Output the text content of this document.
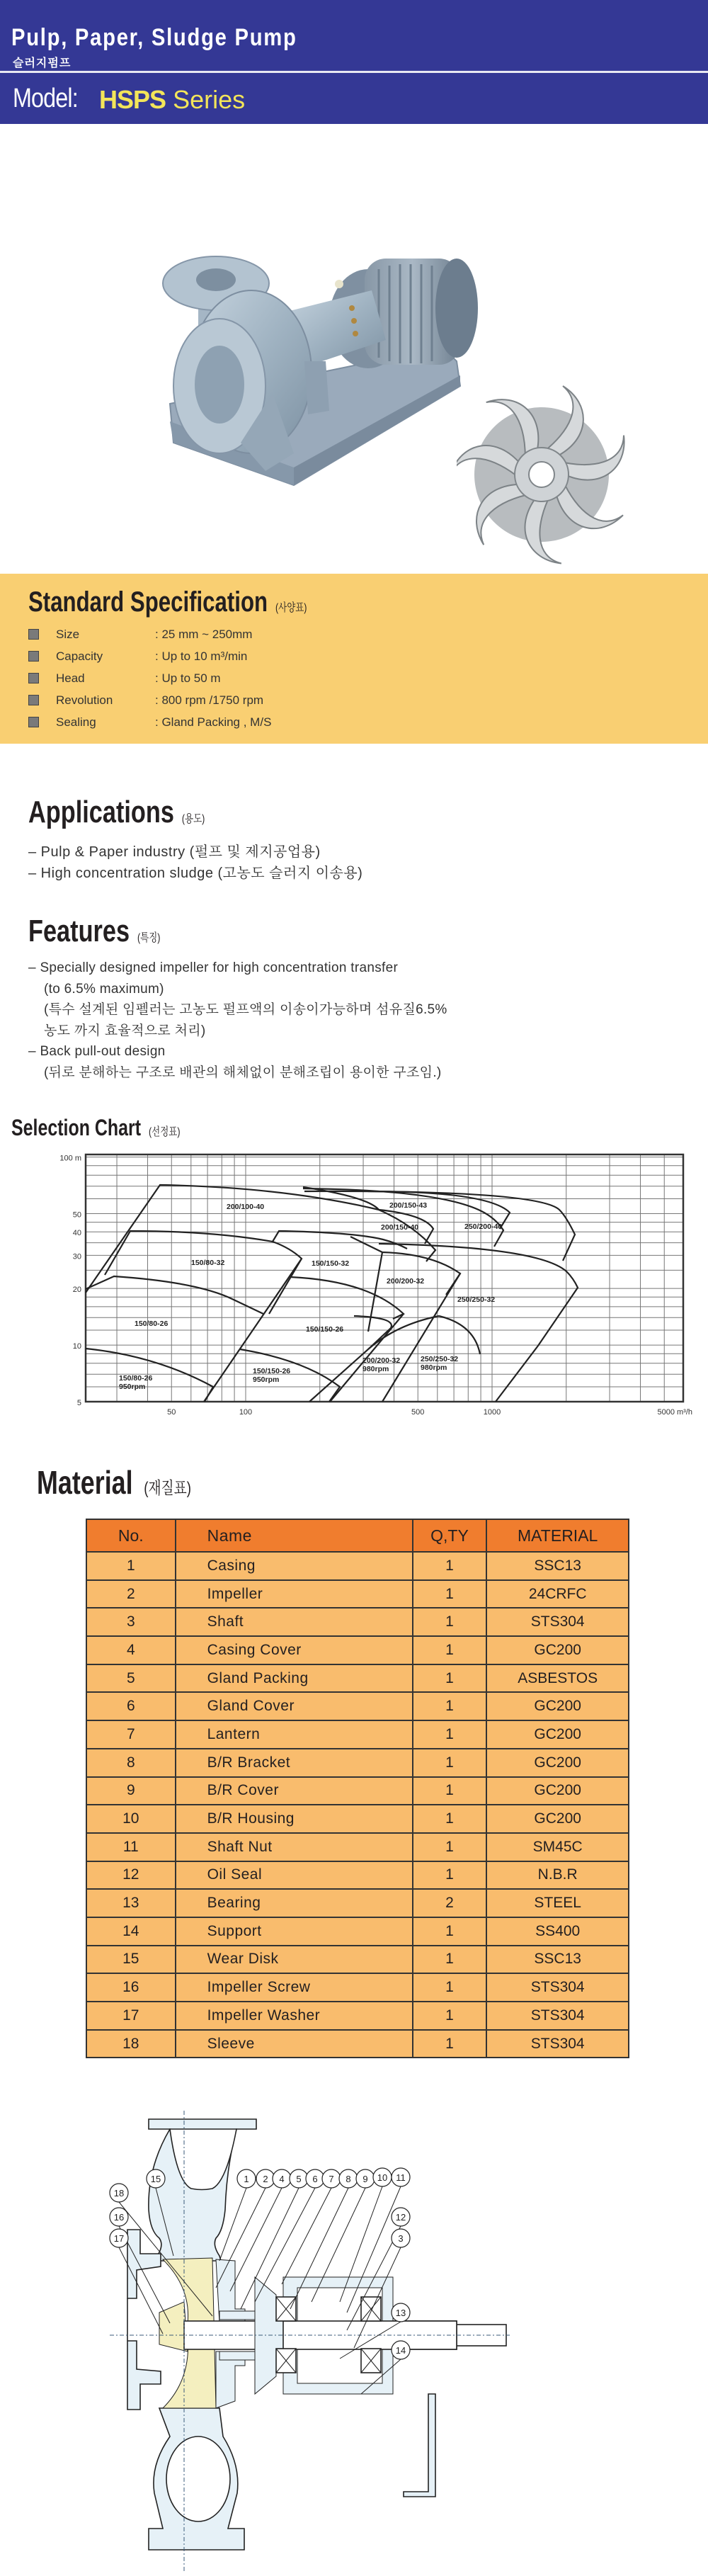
Pulp, Paper, Sludge Pump
슬러지펌프
Model: HSPS Series
Standard Specification (사양표)
Size	: 25 mm ~ 250mm
Capacity	: Up to 10 m³/min
Head	: Up to 50 m
Revolution	: 800 rpm /1750 rpm
Sealing	: Gland Packing , M/S
Applications (용도)
– Pulp & Paper industry (펄프 및 제지공업용)
– High concentration sludge (고농도 슬러지 이송용)
Features (특징)
– Specially designed impeller for high concentration transfer
(to 6.5% maximum)
(특수 설계된 임펠러는 고농도 펄프액의 이송이가능하며 섬유질6.5%
농도 까지 효율적으로 처리)
– Back pull-out design
(뒤로 분해하는 구조로 배관의 해체없이 분해조립이 용이한 구조임.)
Selection Chart (선정표)
5
10
20
30
40
50
100 m
50	100	500	1000	5000 m³/h
200/100-40	200/150-43
200/150-40	250/200-40
150/80-32	150/150-32
200/200-32
250/250-32
150/80-26
150/150-26
150/80-26
950rpm
150/150-26
950rpm
200/200-32
980rpm
250/250-32
980rpm
Material (재질표)
No.	Name	Q,TY	MATERIAL
1	Casing	1	SSC13
2	Impeller	1	24CRFC
3	Shaft	1	STS304
4	Casing Cover	1	GC200
5	Gland Packing	1	ASBESTOS
6	Gland Cover	1	GC200
7	Lantern	1	GC200
8	B/R Bracket	1	GC200
9	B/R Cover	1	GC200
10	B/R Housing	1	GC200
11	Shaft Nut	1	SM45C
12	Oil Seal	1	N.B.R
13	Bearing	2	STEEL
14	Support	1	SS400
15	Wear Disk	1	SSC13
16	Impeller Screw	1	STS304
17	Impeller Washer	1	STS304
18	Sleeve	1	STS304
15
18
16
17
1 2 4 5 6 7 8 9 10 11
12
3
13
14
